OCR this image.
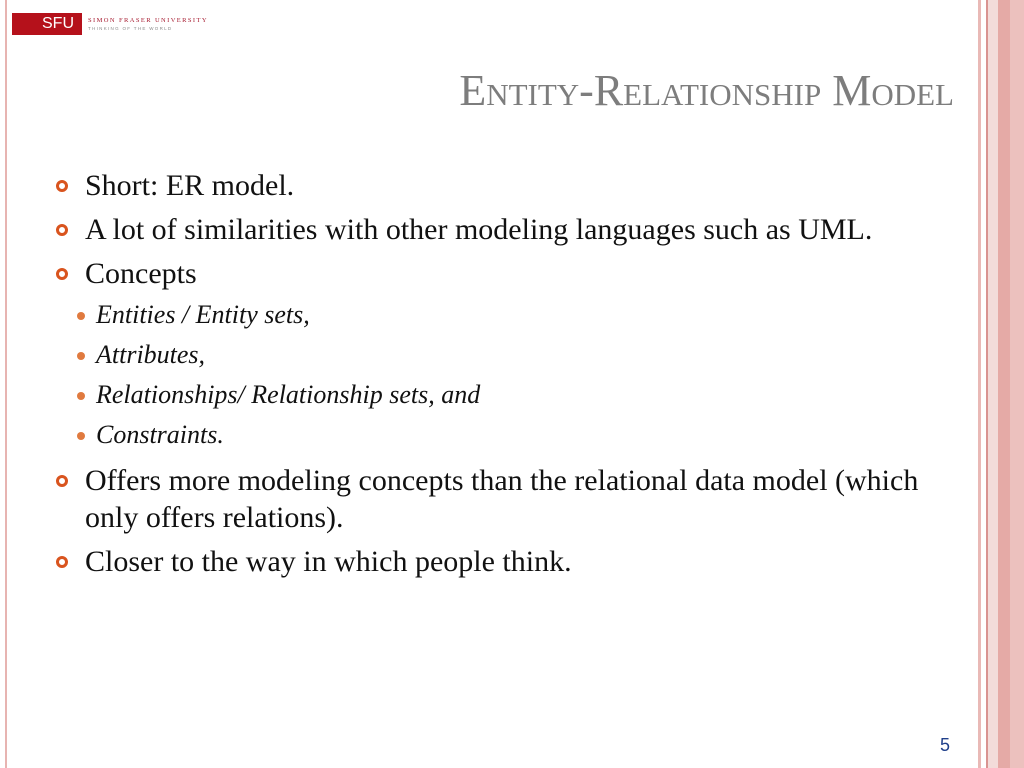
SFU	SIMON FRASER UNIVERSITY
THINKING OF THE WORLD
Entity-Relationship Model
Short: ER model.
A lot of similarities with other modeling languages such as UML.
Concepts
Entities / Entity sets,
Attributes,
Relationships/ Relationship sets, and
Constraints.
Offers more modeling concepts than the relational data model (which only offers relations).
Closer to the way in which people think.
5
